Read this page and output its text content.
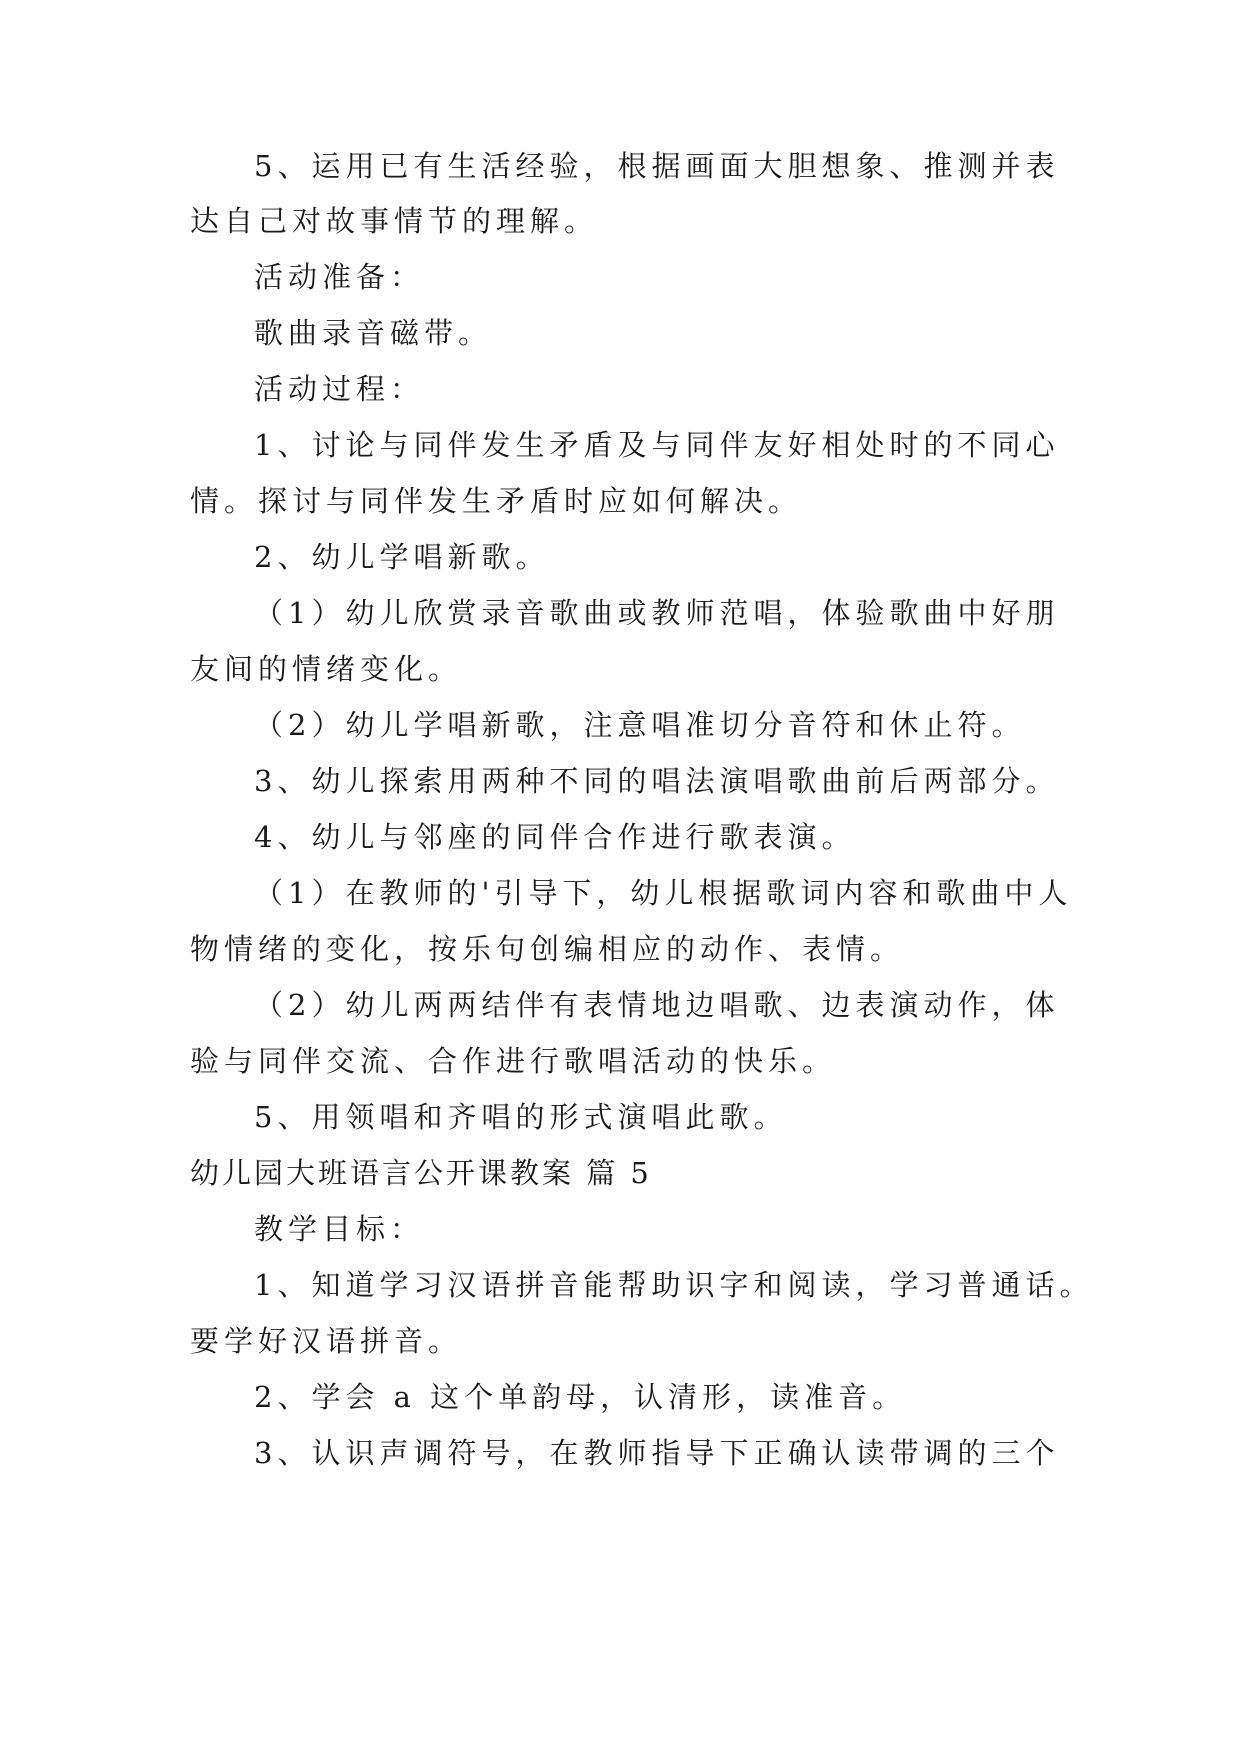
5、运用已有生活经验，根据画面大胆想象、推测并表
达自己对故事情节的理解。
活动准备：
歌曲录音磁带。
活动过程：
1、讨论与同伴发生矛盾及与同伴友好相处时的不同心
情。探讨与同伴发生矛盾时应如何解决。
2、幼儿学唱新歌。
（1）幼儿欣赏录音歌曲或教师范唱，体验歌曲中好朋
友间的情绪变化。
（2）幼儿学唱新歌，注意唱准切分音符和休止符。
3、幼儿探索用两种不同的唱法演唱歌曲前后两部分。
4、幼儿与邻座的同伴合作进行歌表演。
（1）在教师的'引导下，幼儿根据歌词内容和歌曲中人
物情绪的变化，按乐句创编相应的动作、表情。
（2）幼儿两两结伴有表情地边唱歌、边表演动作，体
验与同伴交流、合作进行歌唱活动的快乐。
5、用领唱和齐唱的形式演唱此歌。
幼儿园大班语言公开课教案 篇 5
教学目标：
1、知道学习汉语拼音能帮助识字和阅读，学习普通话。
要学好汉语拼音。
2、学会 a 这个单韵母，认清形，读准音。
3、认识声调符号，在教师指导下正确认读带调的三个
